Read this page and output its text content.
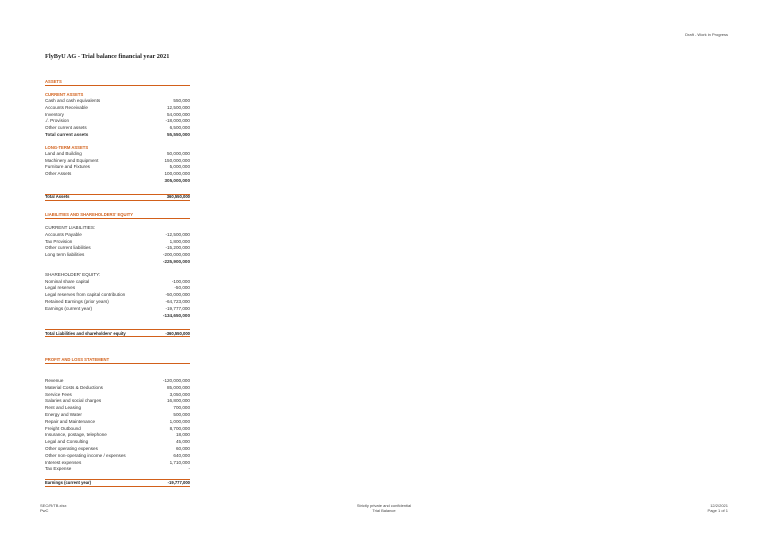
Draft - Work in Progress
FlyByU AG - Trial balance financial year 2021
ASSETS
CURRENT ASSETS
Cash and cash equivalents	550,000
Accounts Receivable	12,500,000
Inventory	54,000,000
./. Provision	-18,000,000
Other current assets	6,500,000
Total current assets	55,550,000
LONG-TERM ASSETS
Land and Building	50,000,000
Machinery and Equipment	150,000,000
Furniture and Fixtures	5,000,000
Other Assets	100,000,000
305,000,000
Total Assets	360,550,000
LIABILITIES AND SHAREHOLDERS' EQUITY
CURRENT LIABILITIES:
Accounts Payable	-12,500,000
Tax Provision	1,800,000
Other current liabilities	-15,200,000
Long term liabilities	-200,000,000
-225,900,000
SHAREHOLDER' EQUITY:
Nominal share capital	-100,000
Legal reserves	-50,000
Legal reserves from capital contribution	-50,000,000
Retained Earnings (prior years)	-64,723,000
Earnings (current year)	-19,777,000
-134,650,000
Total Liabilities and shareholders' equity	-360,550,000
PROFIT AND LOSS STATEMENT
Revenue	-120,000,000
Material Costs & Deductions	85,000,000
Service Fees	3,050,000
Salaries and social charges	16,800,000
Rent and Leasing	700,000
Energy and Water	500,000
Repair and Maintenance	1,000,000
Freight Outbound	8,700,000
Insurance, postage, telephone	18,000
Legal and Consulting	45,000
Other operating expenses	60,000
Other non-operating income / expenses	640,000
Interest expenses	1,710,000
Tax Expense	-
Earnings (current year)	-19,777,000
SEC/R/TB.xlsx
PwC
Strictly private and confidential
Trial Balance
12/2/2021
Page 1 of 1
